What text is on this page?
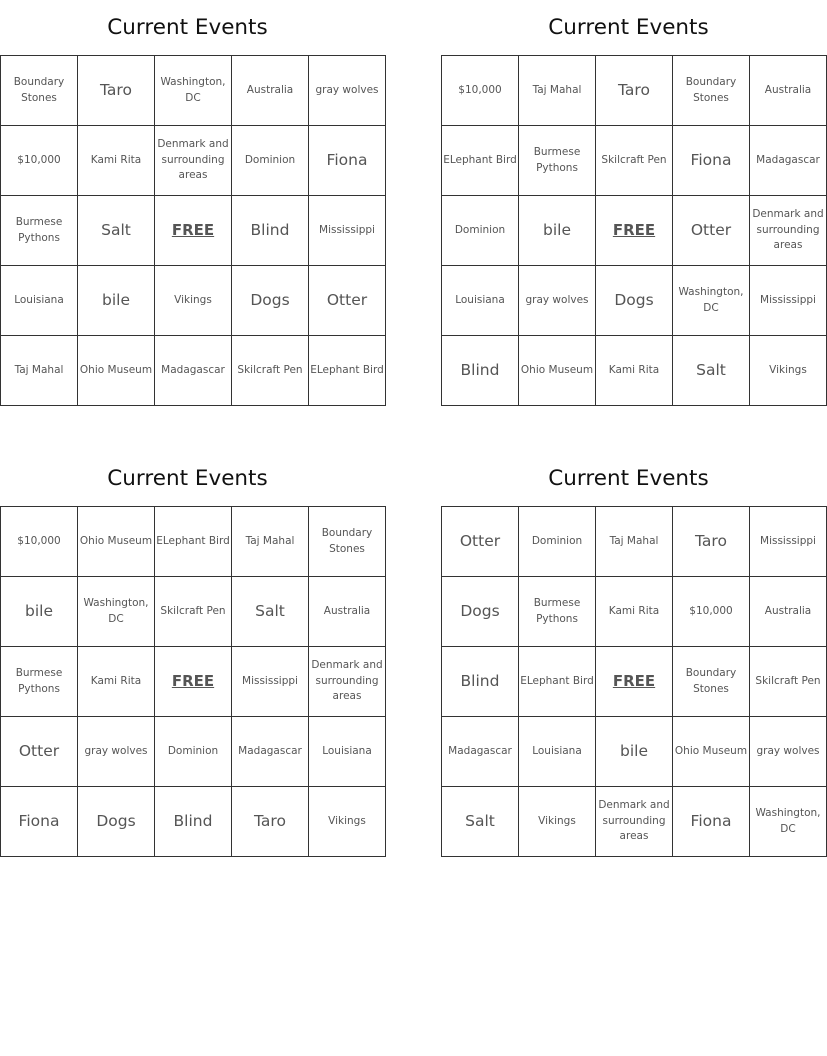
Current Events
Boundary Stones	Taro	Washington, DC	Australia	gray wolves
$10,000	Kami Rita	Denmark and surrounding areas	Dominion	Fiona
Burmese Pythons	Salt	FREE	Blind	Mississippi
Louisiana	bile	Vikings	Dogs	Otter
Taj Mahal	Ohio Museum	Madagascar	Skilcraft Pen	ELephant Bird
Current Events
$10,000	Taj Mahal	Taro	Boundary Stones	Australia
ELephant Bird	Burmese Pythons	Skilcraft Pen	Fiona	Madagascar
Dominion	bile	FREE	Otter	Denmark and surrounding areas
Louisiana	gray wolves	Dogs	Washington, DC	Mississippi
Blind	Ohio Museum	Kami Rita	Salt	Vikings
Current Events
$10,000	Ohio Museum	ELephant Bird	Taj Mahal	Boundary Stones
bile	Washington, DC	Skilcraft Pen	Salt	Australia
Burmese Pythons	Kami Rita	FREE	Mississippi	Denmark and surrounding areas
Otter	gray wolves	Dominion	Madagascar	Louisiana
Fiona	Dogs	Blind	Taro	Vikings
Current Events
Otter	Dominion	Taj Mahal	Taro	Mississippi
Dogs	Burmese Pythons	Kami Rita	$10,000	Australia
Blind	ELephant Bird	FREE	Boundary Stones	Skilcraft Pen
Madagascar	Louisiana	bile	Ohio Museum	gray wolves
Salt	Vikings	Denmark and surrounding areas	Fiona	Washington, DC
